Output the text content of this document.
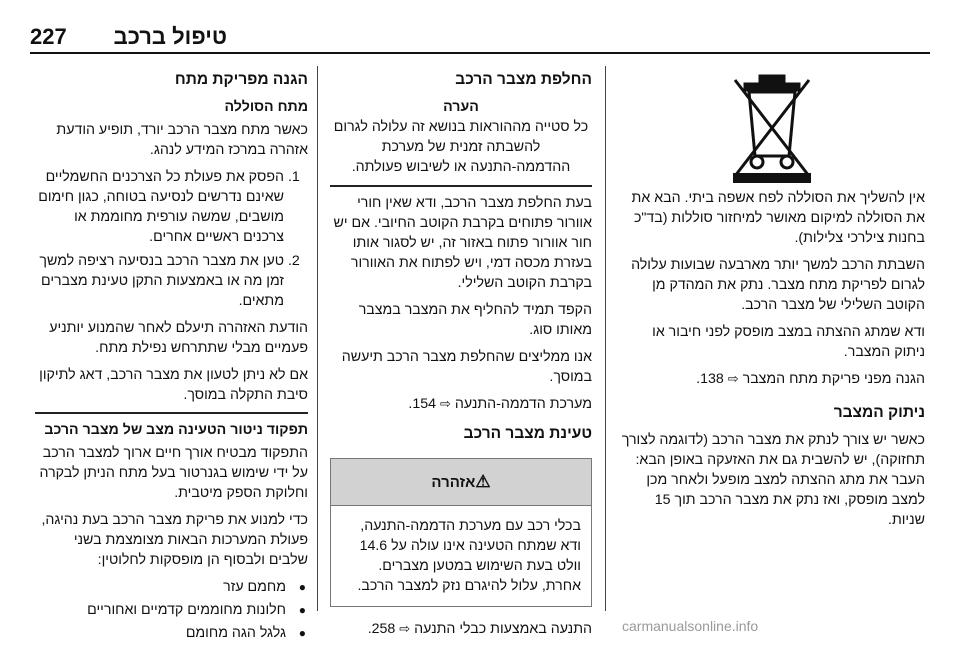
227 טיפול ברכב

אין להשליך את הסוללה לפח אשפה ביתי. הבא את את הסוללה למיקום מאושר למיחזור סוללות (בד"כ בחנות צילרכי צלילות).

השבתת הרכב למשך יותר מארבעה שבועות עלולה לגרום לפריקת מתח מצבר. נתק את המהדק מן הקוטב השלילי של מצבר הרכב.

ודא שמתג ההצתה במצב מופסק לפני חיבור או ניתוק המצבר.

הגנה מפני פריקת מתח המצבר ⇨ 138.

ניתוק המצבר

כאשר יש צורך לנתק את מצבר הרכב (לדוגמה לצורך תחזוקה), יש להשבית גם את האזעקה באופן הבא: העבר את מתג ההצתה למצב מופעל ולאחר מכן למצב מופסק, ואז נתק את מצבר הרכב תוך 15 שניות.

החלפת מצבר הרכב
הערה
כל סטייה מההוראות בנושא זה עלולה לגרום להשבתה זמנית של מערכת ההדממה-התנעה או לשיבוש פעולתה.

בעת החלפת מצבר הרכב, ודא שאין חורי אוורור פתוחים בקרבת הקוטב החיובי. אם יש חור אוורור פתוח באזור זה, יש לסגור אותו בעזרת מכסה דמי, ויש לפתוח את האוורור בקרבת הקוטב השלילי.

הקפד תמיד להחליף את המצבר במצבר מאותו סוג.

אנו ממליצים שהחלפת מצבר הרכב תיעשה במוסך.

מערכת הדממה-התנעה ⇨ 154.

טעינת מצבר הרכב
⚠אזהרה
בכלי רכב עם מערכת הדממה-התנעה, ודא שמתח הטעינה אינו עולה על 14.6 וולט בעת השימוש במטען מצברים. אחרת, עלול להיגרם נזק למצבר הרכב.

התנעה באמצעות כבלי התנעה ⇨ 258.

הגנה מפריקת מתח
מתח הסוללה

כאשר מתח מצבר הרכב יורד, תופיע הודעת אזהרה במרכז המידע לנהג.

1. הפסק את פעולת כל הצרכנים החשמליים שאינם נדרשים לנסיעה בטוחה, כגון חימום מושבים, שמשה עורפית מחוממת או צרכנים ראשיים אחרים.
2. טען את מצבר הרכב בנסיעה רציפה למשך זמן מה או באמצעות התקן טעינת מצברים מתאים.

הודעת האזהרה תיעלם לאחר שהמנוע יותניע פעמיים מבלי שתתרחש נפילת מתח.

אם לא ניתן לטעון את מצבר הרכב, דאג לתיקון סיבת התקלה במוסך.

תפקוד ניטור הטעינה מצב של מצבר הרכב

התפקוד מבטיח אורך חיים ארוך למצבר הרכב על ידי שימוש בגנרטור בעל מתח הניתן לבקרה וחלוקת הספק מיטבית.

כדי למנוע את פריקת מצבר הרכב בעת נהיגה, פעולת המערכות הבאות מצומצמת בשני שלבים ולבסוף הן מופסקות לחלוטין:

● מחמם עזר
● חלונות מחוממים קדמיים ואחוריים
● גלגל הגה מחומם	carmanualsonline.info
